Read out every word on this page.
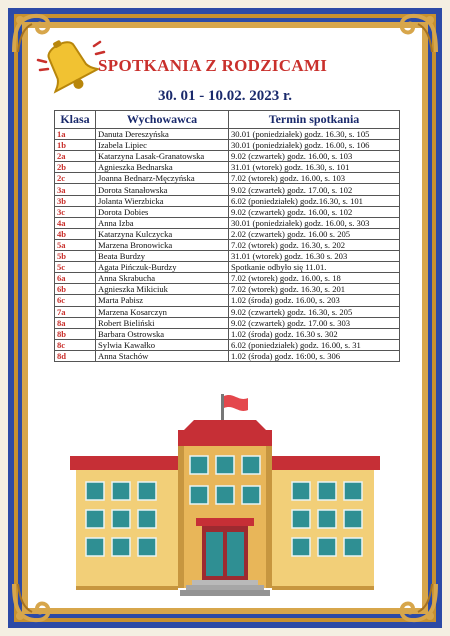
SPOTKANIA Z RODZICAMI
30. 01 - 10.02. 2023 r.
Klasa	Wychowawca	Termin spotkania
1a	Danuta Dereszyńska	30.01 (poniedziałek) godz. 16.30, s. 105
1b	Izabela Lipiec	30.01 (poniedziałek) godz. 16.00, s. 106
2a	Katarzyna Lasak-Granatowska	9.02 (czwartek) godz. 16.00, s. 103
2b	Agnieszka Bednarska	31.01 (wtorek) godz. 16.30, s. 101
2c	Joanna Bednarz-Męczyńska	7.02 (wtorek) godz. 16.00, s. 103
3a	Dorota Stanałowska	9.02 (czwartek) godz. 17.00, s. 102
3b	Jolanta Wierzbicka	6.02 (poniedziałek) godz.16.30, s. 101
3c	Dorota Dobies	9.02 (czwartek) godz. 16.00, s. 102
4a	Anna Izba	30.01 (poniedziałek) godz. 16.00, s. 303
4b	Katarzyna Kulczycka	2.02 (czwartek) godz. 16.00 s. 205
5a	Marzena Bronowicka	7.02 (wtorek) godz. 16.30, s. 202
5b	Beata Burdzy	31.01 (wtorek) godz. 16.30 s. 203
5c	Agata Pińczuk-Burdzy	Spotkanie odbyło się 11.01.
6a	Anna Skrabucha	7.02 (wtorek) godz. 16.00, s. 18
6b	Agnieszka Mikiciuk	7.02 (wtorek) godz. 16.30, s. 201
6c	Marta Pabisz	1.02 (środa) godz. 16.00, s. 203
7a	Marzena Kosarczyn	9.02 (czwartek) godz. 16.30, s. 205
8a	Robert Bieliński	9.02 (czwartek) godz. 17.00 s. 303
8b	Barbara Ostrowska	1.02 (środa) godz. 16.30 s. 302
8c	Sylwia Kawałko	6.02 (poniedziałek) godz. 16.00, s. 31
8d	Anna Stachów	1.02 (środa) godz. 16:00, s. 306
